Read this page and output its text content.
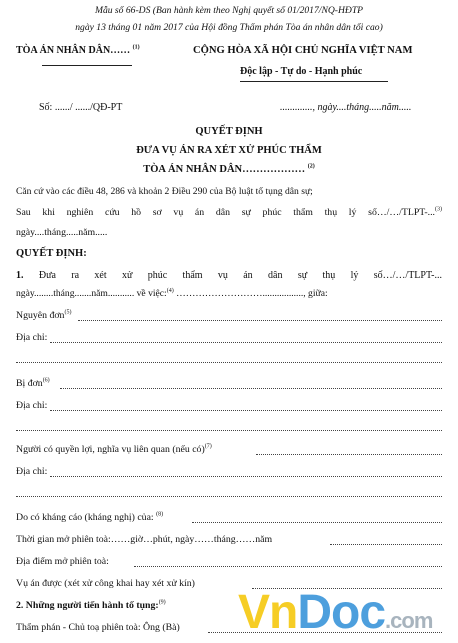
Mẫu số 66-DS (Ban hành kèm theo Nghị quyết số 01/2017/NQ-HĐTP
ngày 13 tháng 01 năm 2017 của Hội đồng Thẩm phán Tòa án nhân dân tối cao)
TÒA ÁN NHÂN DÂN…… $^{(1)}$	CỘNG HÒA XÃ HỘI CHỦ NGHĨA VIỆT NAM
Độc lập - Tự do - Hạnh phúc
Số: ....../ ....../QĐ-PT	............., ngày....tháng.....năm.....
QUYẾT ĐỊNH
ĐƯA VỤ ÁN RA XÉT XỬ PHÚC THẨM
TÒA ÁN NHÂN DÂN……………… $^{(2)}$
Căn cứ vào các điều 48, 286 và khoản 2 Điều 290 của Bộ luật tố tụng dân sự;
Sau khi nghiên cứu hồ sơ vụ án dân sự phúc thẩm thụ lý số…/…/TLPT-...$^{(3)}$
ngày....tháng.....năm.....
QUYẾT ĐỊNH:
1. Đưa ra xét xử phúc thẩm vụ án dân sự thụ lý số…/…/TLPT-...
ngày........tháng.......năm........... về việc:$^{(4)}$ ………………………................., giữa:
Nguyên đơn$^{(5)}$
Địa chỉ:
Bị đơn$^{(6)}$
Địa chỉ:
Người có quyền lợi, nghĩa vụ liên quan (nếu có)$^{(7)}$
Địa chỉ:
Do có kháng cáo (kháng nghị) của: $^{(8)}$
Thời gian mở phiên toà:……giờ…phút, ngày……tháng……năm
Địa điểm mở phiên toà:
Vụ án được (xét xử công khai hay xét xử kín)
2. Những người tiến hành tố tụng:$^{(9)}$
Thẩm phán - Chủ toạ phiên toà: Ông (Bà) VnDoc.com
